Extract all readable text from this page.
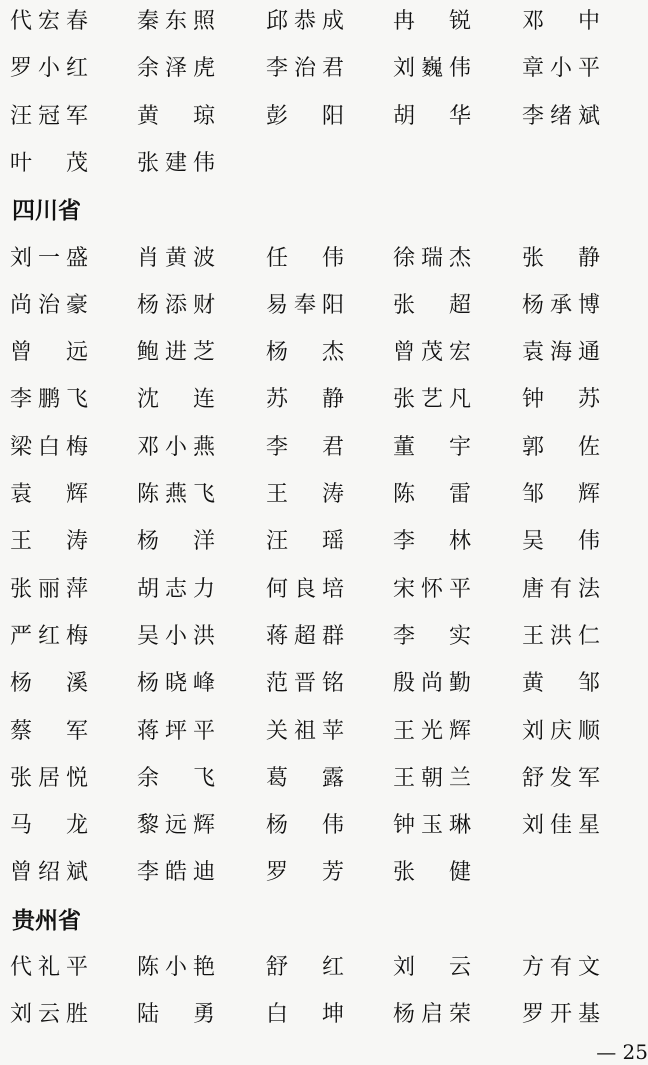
代 宏 春 秦 东 照 邱 恭 成 冉 锐 邓 中
罗 小 红 余 泽 虎 李 治 君 刘 巍 伟 章 小 平
汪 冠 军 黄 琼 彭 阳 胡 华 李 绪 斌
叶 茂 张 建 伟
四川省
刘 一 盛 肖 黄 波 任 伟 徐 瑞 杰 张 静
尚 治 豪 杨 添 财 易 奉 阳 张 超 杨 承 博
曾 远 鲍 进 芝 杨 杰 曾 茂 宏 袁 海 通
李 鹏 飞 沈 连 苏 静 张 艺 凡 钟 苏
梁 白 梅 邓 小 燕 李 君 董 宇 郭 佐
袁 辉 陈 燕 飞 王 涛 陈 雷 邹 辉
王 涛 杨 洋 汪 瑶 李 林 吴 伟
张 丽 萍 胡 志 力 何 良 培 宋 怀 平 唐 有 法
严 红 梅 吴 小 洪 蒋 超 群 李 实 王 洪 仁
杨 溪 杨 晓 峰 范 晋 铭 殷 尚 勤 黄 邹
蔡 军 蒋 坪 平 关 祖 苹 王 光 辉 刘 庆 顺
张 居 悦 余 飞 葛 露 王 朝 兰 舒 发 军
马 龙 黎 远 辉 杨 伟 钟 玉 琳 刘 佳 星
曾 绍 斌 李 皓 迪 罗 芳 张 健
贵州省
代 礼 平 陈 小 艳 舒 红 刘 云 方 有 文
刘 云 胜 陆 勇 白 坤 杨 启 荣 罗 开 基
— 25
